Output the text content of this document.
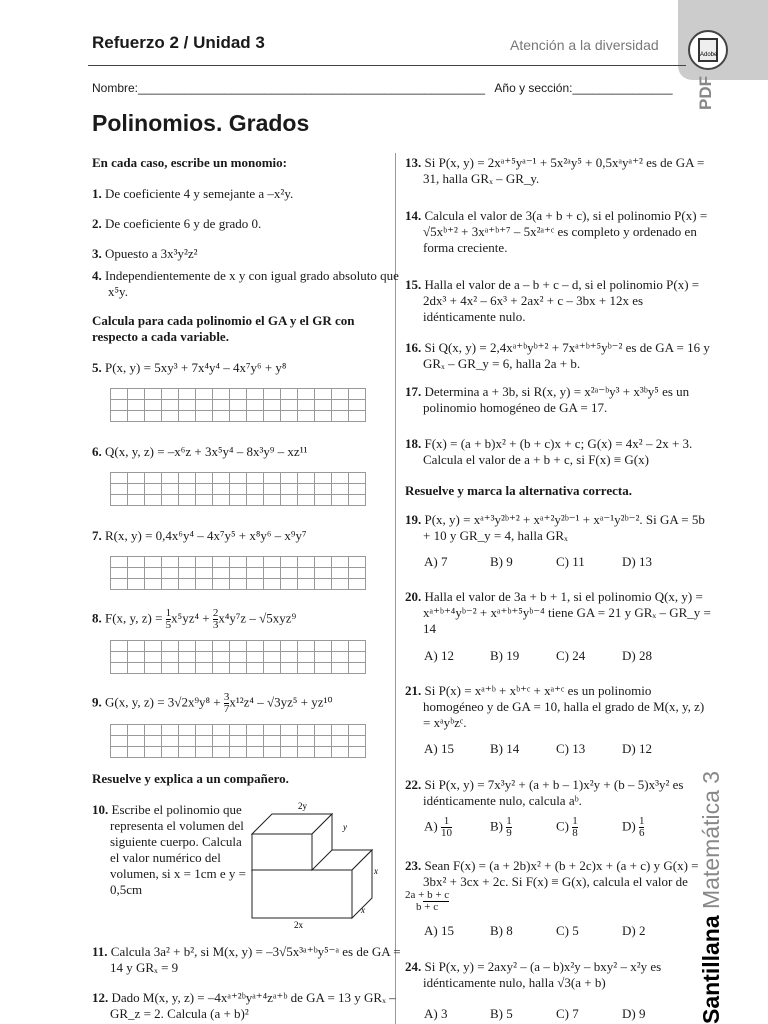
Adobe
PDF
Santillana Matemática 3
Refuerzo 2 / Unidad 3	Atención a la diversidad
Nombre:____________________________________________________ Año y sección:_______________
Polinomios. Grados
En cada caso, escribe un monomio:
1. De coeficiente 4 y semejante a –x²y.
2. De coeficiente 6 y de grado 0.
3. Opuesto a 3x³y²z²
4. Independientemente de x y con igual grado absoluto que x⁵y.
Calcula para cada polinomio el GA y el GR con respecto a cada variable.
5. P(x, y) = 5xy³ + 7x⁴y⁴ – 4x⁷y⁶ + y⁸

6. Q(x, y, z) = –x⁶z + 3x⁵y⁴ – 8x³y⁹ – xz¹¹

7. R(x, y) = 0,4x⁶y⁴ – 4x⁷y⁵ + x⁸y⁶ – x⁹y⁷

8. F(x, y, $z) = \frac{1}{5} x^5yz^4 + \frac{2}{3} x^4y^7z - √5xyz^9$

9. G(x, y, $z) = 3√2x^9y^8 + \frac{3}{7} x^{12}z^4 - √3yz^5 + yz^{10}$

Resuelve y explica a un compañero.
10. Escribe el polinomio que representa el volumen del siguiente cuerpo. Calcula el valor numérico del volumen, si x = 1cm e y = 0,5cm
2y
y
x
x
2x
11. Calcula 3a² + b², si M(x, y) = –3√5x³ᵃ⁺ᵇy⁵⁻ᵃ es de GA = 14 y GRₓ = 9
12. Dado M(x, y, z) = –4xᵃ⁺²ᵇyᵃ⁺⁴zᵃ⁺ᵇ de GA = 13 y GRₓ – GR_z = 2. Calcula (a + b)²
13. Si P(x, y) = 2xᵃ⁺⁵yᵃ⁻¹ + 5x²ᵃy⁵ + 0,5xᵃyᵃ⁺² es de GA = 31, halla GRₓ – GR_y.
14. Calcula el valor de 3(a + b + c), si el polinomio P(x) = √5xᵇ⁺² + 3xᵃ⁺ᵇ⁺⁷ – 5x²ᵃ⁺ᶜ es completo y ordenado en forma creciente.
15. Halla el valor de a – b + c – d, si el polinomio P(x) = 2dx³ + 4x² – 6x³ + 2ax² + c – 3bx + 12x es idénticamente nulo.
16. Si Q(x, y) = 2,4xᵃ⁺ᵇyᵇ⁺² + 7xᵃ⁺ᵇ⁺⁵yᵇ⁻² es de GA = 16 y GRₓ – GR_y = 6, halla 2a + b.
17. Determina a + 3b, si R(x, y) = x²ᵃ⁻ᵇy³ + x³ᵇy⁵ es un polinomio homogéneo de GA = 17.
18. F(x) = (a + b)x² + (b + c)x + c; G(x) = 4x² – 2x + 3. Calcula el valor de a + b + c, si F(x) ≡ G(x)
Resuelve y marca la alternativa correcta.
19. P(x, y) = xᵃ⁺³y²ᵇ⁺² + xᵃ⁺²y²ᵇ⁻¹ + xᵃ⁻¹y²ᵇ⁻². Si GA = 5b + 10 y GR_y = 4, halla GRₓ
A) 7	B) 9	C) 11	D) 13
20. Halla el valor de 3a + b + 1, si el polinomio Q(x, y) = xᵃ⁺ᵇ⁺⁴yᵇ⁻² + xᵃ⁺ᵇ⁺⁵yᵇ⁻⁴ tiene GA = 21 y GRₓ – GR_y = 14
A) 12	B) 19	C) 24	D) 28
21. Si P(x) = xᵃ⁺ᵇ + xᵇ⁺ᶜ + xᵃ⁺ᶜ es un polinomio homogéneo y de GA = 10, halla el grado de M(x, y, z) = xᵃyᵇzᶜ.
A) 15	B) 14	C) 13	D) 12
22. Si P(x, y) = 7x³y² + (a + b – 1)x²y + (b – 5)x³y² es idénticamente nulo, calcula aᵇ.
$A) \frac{1}{10}$	$B) \frac{1}{9}$	$C) \frac{1}{8}$	$D) \frac{1}{6}$
23. Sean F(x) = (a + 2b)x² + (b + 2c)x + (a + c) y G(x) = 3bx² + 3cx + 2c. Si F(x) ≡ G(x), calcula el valor de
$\frac{2a + b + c}{b + c}$
A) 15	B) 8	C) 5	D) 2
24. Si P(x, y) = 2axy² – (a – b)x²y – bxy² – x²y es idénticamente nulo, halla √3(a + b)
A) 3	B) 5	C) 7	D) 9
